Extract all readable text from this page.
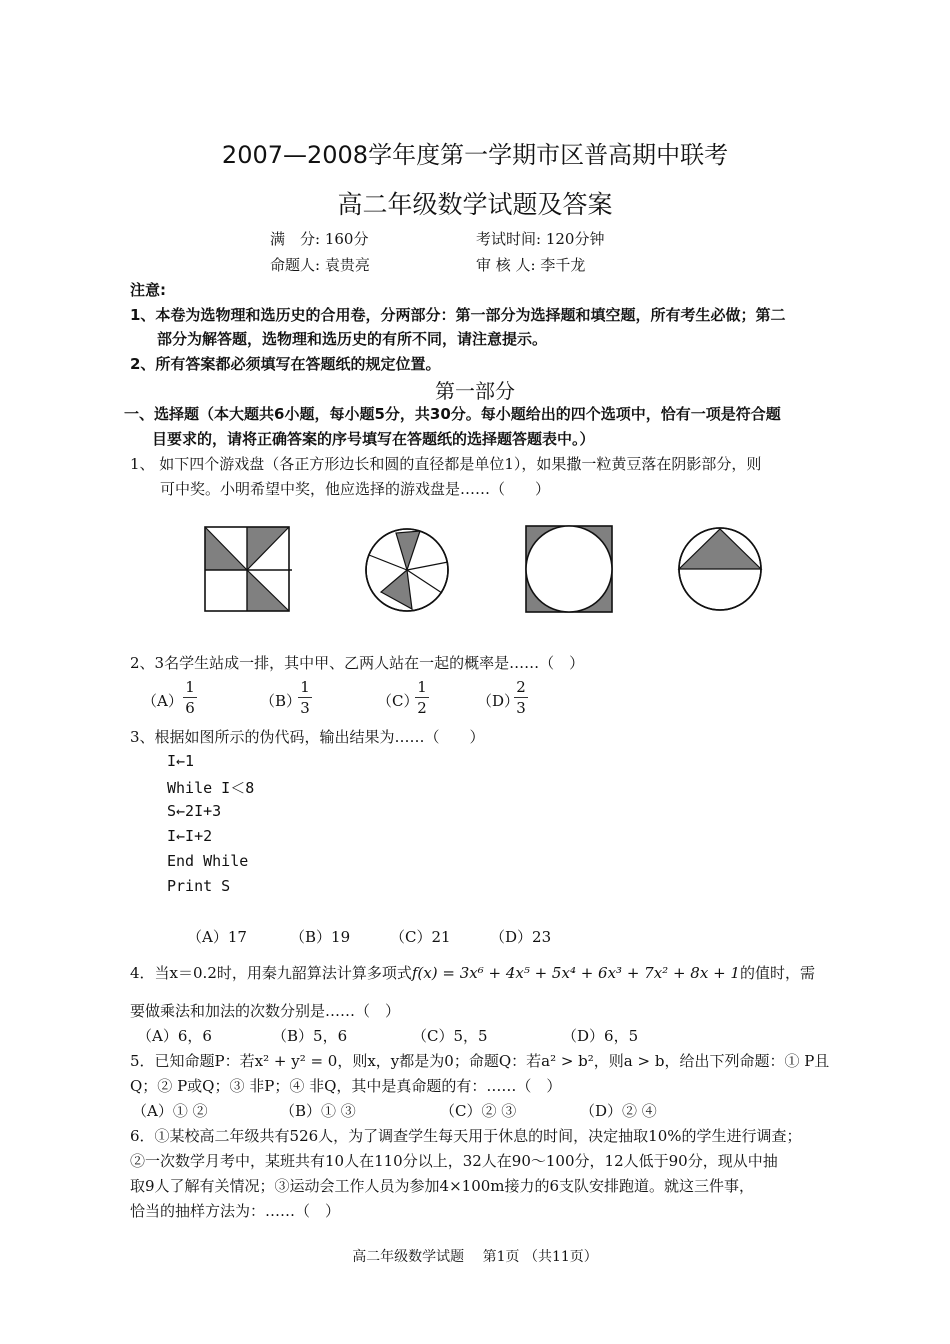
2007—2008学年度第一学期市区普高期中联考
高二年级数学试题及答案
满　分: 160分	考试时间: 120分钟
命题人: 袁贵亮	审 核 人: 李千龙
注意:
1、本卷为选物理和选历史的合用卷，分两部分：第一部分为选择题和填空题，所有考生必做；第二
部分为解答题，选物理和选历史的有所不同，请注意提示。
2、所有答案都必须填写在答题纸的规定位置。
第一部分
一、选择题（本大题共6小题，每小题5分，共30分。每小题给出的四个选项中，恰有一项是符合题
目要求的，请将正确答案的序号填写在答题纸的选择题答题表中。）
1、 如下四个游戏盘（各正方形边长和圆的直径都是单位1），如果撒一粒黄豆落在阴影部分，则
可中奖。小明希望中奖，他应选择的游戏盘是……（　　）
2、3名学生站成一排，其中甲、乙两人站在一起的概率是……（　）
（A）
1
6	（B）
1
3	（C）
1
2	（D）
2
3
3、根据如图所示的伪代码，输出结果为……（　　）
I←1
While I＜8
S←2I+3
I←I+2
End While
Print S
（A）17	（B）19	（C）21	（D）23
4．当x＝0.2时，用秦九韶算法计算多项式f(x) = 3x⁶ + 4x⁵ + 5x⁴ + 6x³ + 7x² + 8x + 1的值时，需
要做乘法和加法的次数分别是……（　）
（A）6，6	（B）5，6	（C）5，5	（D）6，5
5．已知命题P：若x² + y² = 0，则x，y都是为0；命题Q：若a² > b²，则a > b，给出下列命题：① P且
Q；② P或Q；③ 非P；④ 非Q，其中是真命题的有：……（　）
（A）① ②	（B）① ③	（C）② ③	（D）② ④
6．①某校高二年级共有526人，为了调查学生每天用于休息的时间，决定抽取10%的学生进行调查；
②一次数学月考中，某班共有10人在110分以上，32人在90～100分，12人低于90分，现从中抽
取9人了解有关情况；③运动会工作人员为参加4×100m接力的6支队安排跑道。就这三件事，
恰当的抽样方法为：……（　）
高二年级数学试题　 第1页 （共11页）
